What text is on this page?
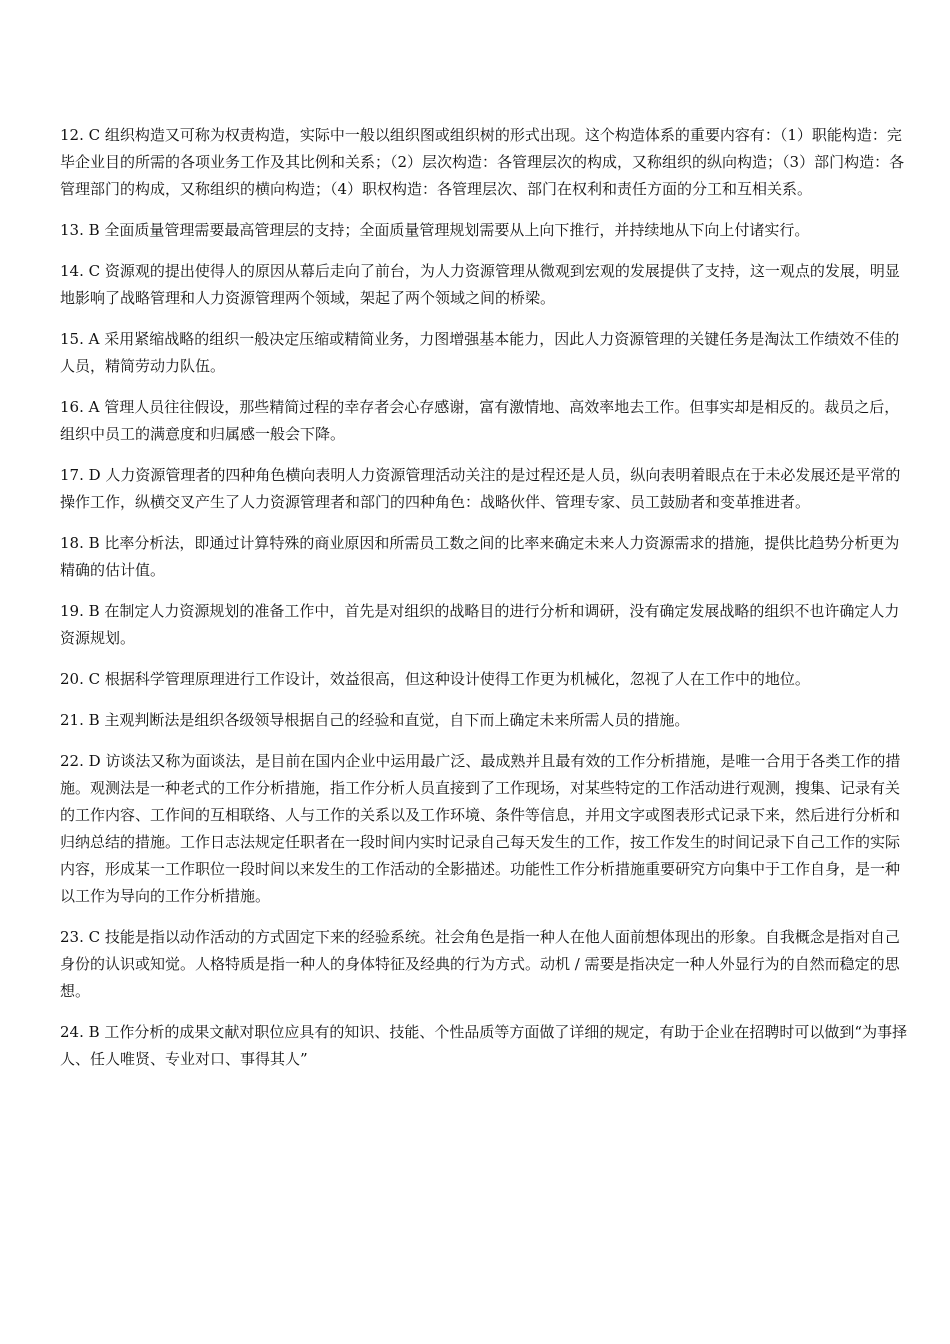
12. C 组织构造又可称为权责构造，实际中一般以组织图或组织树的形式出现。这个构造体系的重要内容有：（1）职能构造：完毕企业目的所需的各项业务工作及其比例和关系；（2）层次构造：各管理层次的构成，又称组织的纵向构造；（3）部门构造：各管理部门的构成，又称组织的横向构造；（4）职权构造：各管理层次、部门在权利和责任方面的分工和互相关系。

13. B 全面质量管理需要最高管理层的支持；全面质量管理规划需要从上向下推行，并持续地从下向上付诸实行。

14. C 资源观的提出使得人的原因从幕后走向了前台，为人力资源管理从微观到宏观的发展提供了支持，这一观点的发展，明显地影响了战略管理和人力资源管理两个领域，架起了两个领域之间的桥梁。

15. A 采用紧缩战略的组织一般决定压缩或精简业务，力图增强基本能力，因此人力资源管理的关键任务是淘汰工作绩效不佳的人员，精简劳动力队伍。

16. A 管理人员往往假设，那些精简过程的幸存者会心存感谢，富有激情地、高效率地去工作。但事实却是相反的。裁员之后，组织中员工的满意度和归属感一般会下降。

17. D 人力资源管理者的四种角色横向表明人力资源管理活动关注的是过程还是人员，纵向表明着眼点在于未必发展还是平常的操作工作，纵横交叉产生了人力资源管理者和部门的四种角色：战略伙伴、管理专家、员工鼓励者和变革推进者。

18. B 比率分析法，即通过计算特殊的商业原因和所需员工数之间的比率来确定未来人力资源需求的措施，提供比趋势分析更为精确的估计值。

19. B 在制定人力资源规划的准备工作中，首先是对组织的战略目的进行分析和调研，没有确定发展战略的组织不也许确定人力资源规划。

20. C 根据科学管理原理进行工作设计，效益很高，但这种设计使得工作更为机械化，忽视了人在工作中的地位。

21. B 主观判断法是组织各级领导根据自己的经验和直觉，自下而上确定未来所需人员的措施。

22. D 访谈法又称为面谈法，是目前在国内企业中运用最广泛、最成熟并且最有效的工作分析措施，是唯一合用于各类工作的措施。观测法是一种老式的工作分析措施，指工作分析人员直接到了工作现场，对某些特定的工作活动进行观测，搜集、记录有关的工作内容、工作间的互相联络、人与工作的关系以及工作环境、条件等信息，并用文字或图表形式记录下来，然后进行分析和归纳总结的措施。工作日志法规定任职者在一段时间内实时记录自己每天发生的工作，按工作发生的时间记录下自己工作的实际内容，形成某一工作职位一段时间以来发生的工作活动的全影描述。功能性工作分析措施重要研究方向集中于工作自身，是一种以工作为导向的工作分析措施。

23. C 技能是指以动作活动的方式固定下来的经验系统。社会角色是指一种人在他人面前想体现出的形象。自我概念是指对自己身份的认识或知觉。人格特质是指一种人的身体特征及经典的行为方式。动机 / 需要是指决定一种人外显行为的自然而稳定的思想。

24. B 工作分析的成果文献对职位应具有的知识、技能、个性品质等方面做了详细的规定，有助于企业在招聘时可以做到“为事择人、任人唯贤、专业对口、事得其人”
